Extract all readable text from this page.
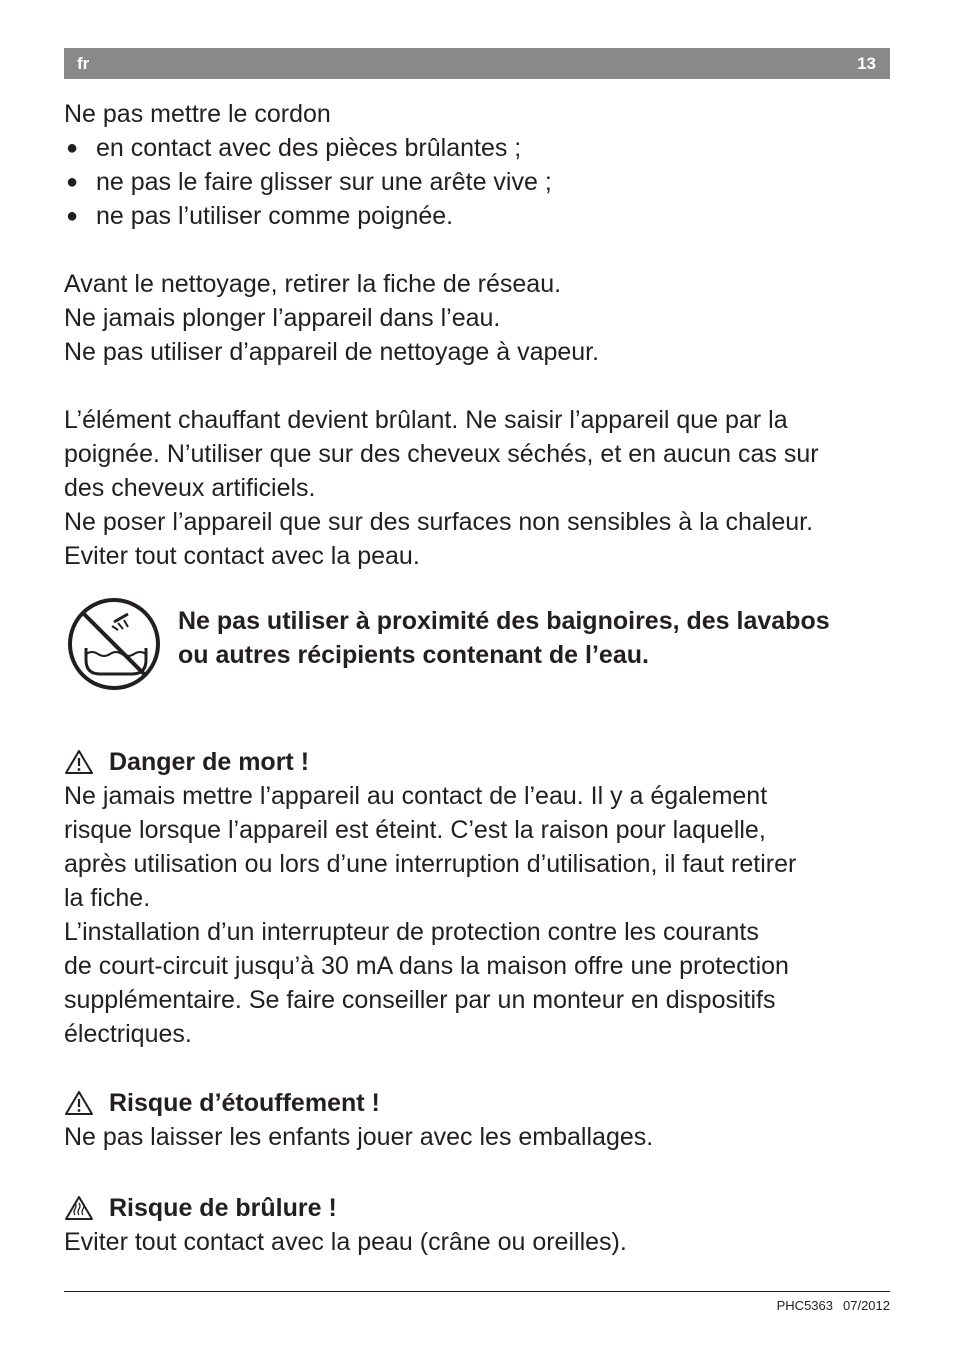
fr	13
Ne pas mettre le cordon
● en contact avec des pièces brûlantes ;
● ne pas le faire glisser sur une arête vive ;
● ne pas l’utiliser comme poignée.
Avant le nettoyage, retirer la fiche de réseau.
Ne jamais plonger l’appareil dans l’eau.
Ne pas utiliser d’appareil de nettoyage à vapeur.
L’élément chauffant devient brûlant. Ne saisir l’appareil que par la
poignée. N’utiliser que sur des cheveux séchés, et en aucun cas sur
des cheveux artificiels.
Ne poser l’appareil que sur des surfaces non sensibles à la chaleur.
Eviter tout contact avec la peau.
Ne pas utiliser à proximité des baignoires, des lavabos
ou autres récipients contenant de l’eau.
Danger de mort !
Ne jamais mettre l’appareil au contact de l’eau. Il y a également
risque lorsque l’appareil est éteint. C’est la raison pour laquelle,
après utilisation ou lors d’une interruption d’utilisation, il faut retirer
la fiche.
L’installation d’un interrupteur de protection contre les courants
de court-circuit jusqu’à 30 mA dans la maison offre une protection
supplémentaire. Se faire conseiller par un monteur en dispositifs
électriques.
Risque d’étouffement !
Ne pas laisser les enfants jouer avec les emballages.
Risque de brûlure !
Eviter tout contact avec la peau (crâne ou oreilles).
PHC5363 07/2012
